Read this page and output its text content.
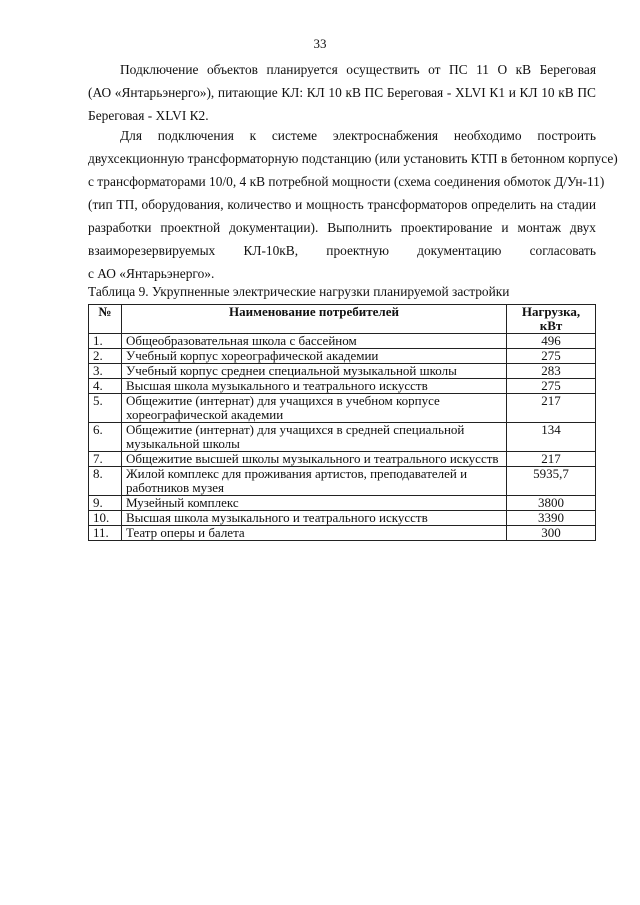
33
Подключение объектов планируется осуществить от ПС 11 О кВ Береговая
(АО «Янтарьэнерго»), питающие КЛ: КЛ 10 кВ ПС Береговая - XLVI К1 и КЛ 10 кВ ПС
Береговая - XLVI К2.
Для подключения к системе электроснабжения необходимо построить
двухсекционную трансформаторную подстанцию (или установить КТП в бетонном корпусе)
с трансформаторами 10/0, 4 кВ потребной мощности (схема соединения обмоток Д/Ун-11)
(тип ТП, оборудования, количество и мощность трансформаторов определить на стадии
разработки проектной документации). Выполнить проектирование и монтаж двух
взаиморезервируемых КЛ-10кВ, проектную документацию согласовать
с АО «Янтарьэнерго».
Таблица 9. Укрупненные электрические нагрузки планируемой застройки
№	Наименование потребителей	Нагрузка, кВт
1.	Общеобразовательная школа с бассейном	496
2.	Учебный корпус хореографической академии	275
3.	Учебный корпус среднеи специальной музыкальной школы	283
4.	Высшая школа музыкального и театрального искусств	275
5.	Общежитие (интернат) для учащихся в учебном корпусе хореографической академии	217
6.	Общежитие (интернат) для учащихся в средней специальной музыкальной школы	134
7.	Общежитие высшей школы музыкального и театрального искусств	217
8.	Жилой комплекс для проживания артистов, преподавателей и работников музея	5935,7
9.	Музейный комплекс	3800
10.	Высшая школа музыкального и театрального искусств	3390
11.	Театр оперы и балета	300
